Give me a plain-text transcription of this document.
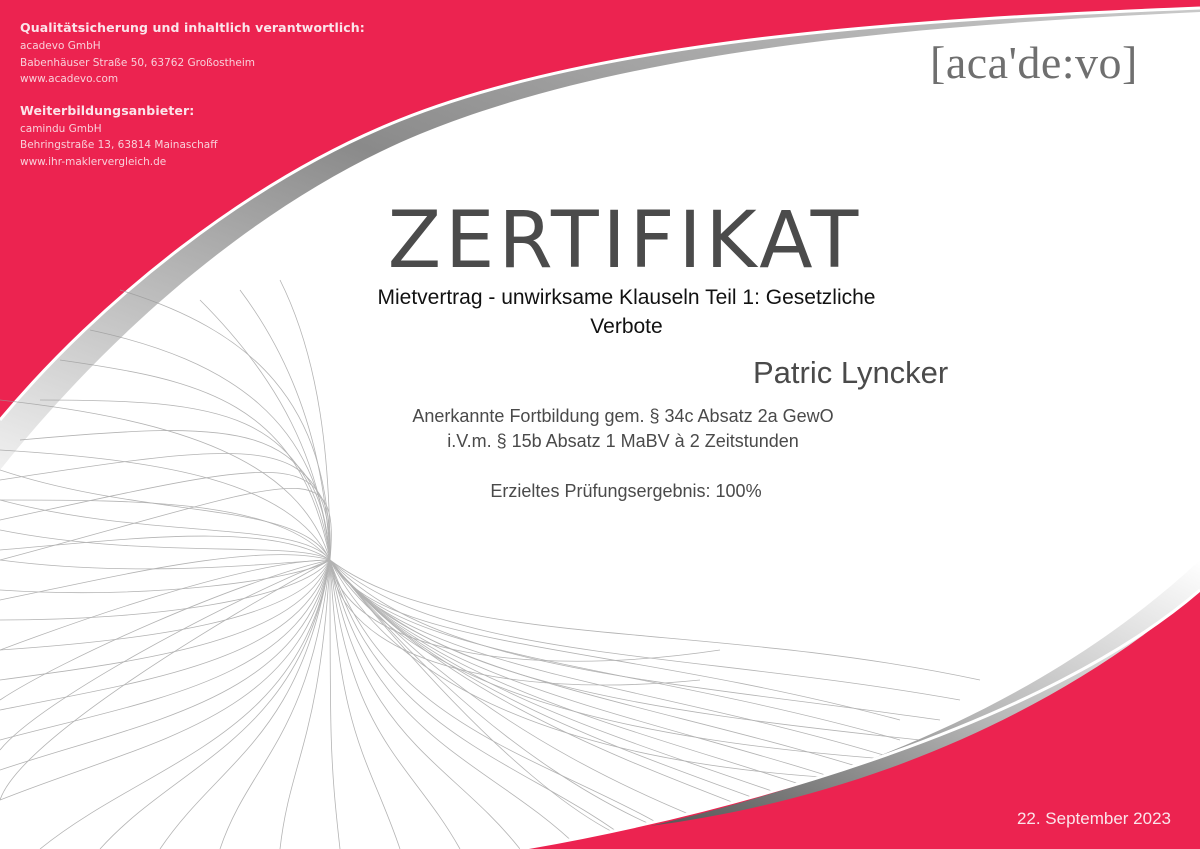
Qualitätsicherung und inhaltlich verantwortlich:
acadevo GmbH
Babenhäuser Straße 50, 63762 Großostheim
www.acadevo.com
Weiterbildungsanbieter:
camindu GmbH
Behringstraße 13, 63814 Mainaschaff
www.ihr-maklervergleich.de
[aca'de:vo]
ZERTIFIKAT
Mietvertrag - unwirksame Klauseln Teil 1: Gesetzliche
Verbote
Patric Lyncker
Anerkannte Fortbildung gem. § 34c Absatz 2a GewO
i.V.m. § 15b Absatz 1 MaBV à 2 Zeitstunden
Erzieltes Prüfungsergebnis: 100%
22. September 2023
